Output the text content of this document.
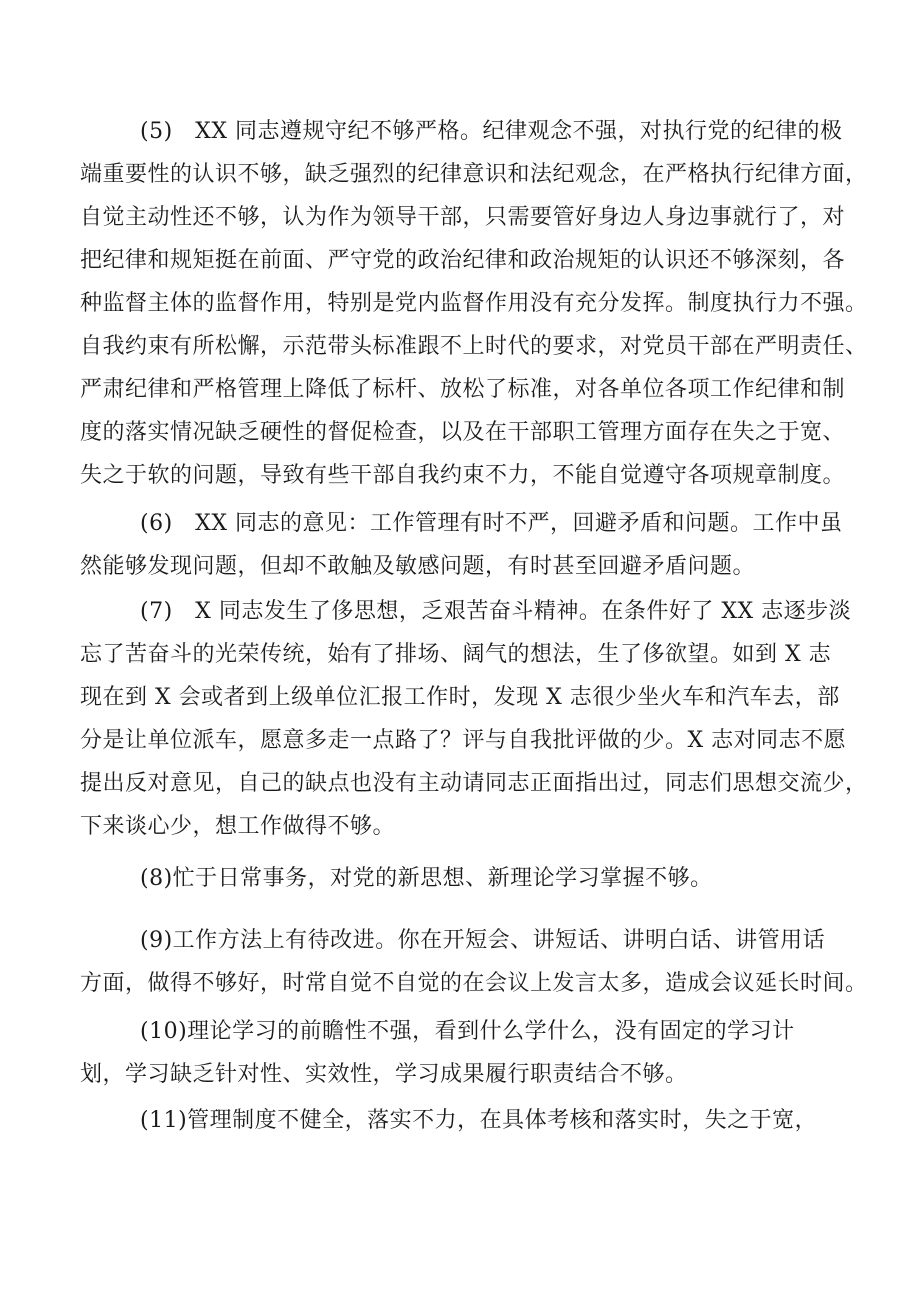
(5)　XX 同志遵规守纪不够严格。纪律观念不强，对执行党的纪律的极
端重要性的认识不够，缺乏强烈的纪律意识和法纪观念，在严格执行纪律方面，
自觉主动性还不够，认为作为领导干部，只需要管好身边人身边事就行了，对
把纪律和规矩挺在前面、严守党的政治纪律和政治规矩的认识还不够深刻，各
种监督主体的监督作用，特别是党内监督作用没有充分发挥。制度执行力不强。
自我约束有所松懈，示范带头标准跟不上时代的要求，对党员干部在严明责任、
严肃纪律和严格管理上降低了标杆、放松了标准，对各单位各项工作纪律和制
度的落实情况缺乏硬性的督促检查，以及在干部职工管理方面存在失之于宽、
失之于软的问题，导致有些干部自我约束不力，不能自觉遵守各项规章制度。
(6)　XX 同志的意见：工作管理有时不严，回避矛盾和问题。工作中虽
然能够发现问题，但却不敢触及敏感问题，有时甚至回避矛盾问题。
(7)　X 同志发生了侈思想，乏艰苦奋斗精神。在条件好了 XX 志逐步淡
忘了苦奋斗的光荣传统，始有了排场、阔气的想法，生了侈欲望。如到 X 志
现在到 X 会或者到上级单位汇报工作时，发现 X 志很少坐火车和汽车去，部
分是让单位派车，愿意多走一点路了？评与自我批评做的少。X 志对同志不愿
提出反对意见，自己的缺点也没有主动请同志正面指出过，同志们思想交流少，
下来谈心少，想工作做得不够。
(8)忙于日常事务，对党的新思想、新理论学习掌握不够。
(9)工作方法上有待改进。你在开短会、讲短话、讲明白话、讲管用话
方面，做得不够好，时常自觉不自觉的在会议上发言太多，造成会议延长时间。
(10)理论学习的前瞻性不强，看到什么学什么，没有固定的学习计
划，学习缺乏针对性、实效性，学习成果履行职责结合不够。
(11)管理制度不健全，落实不力，在具体考核和落实时，失之于宽，
